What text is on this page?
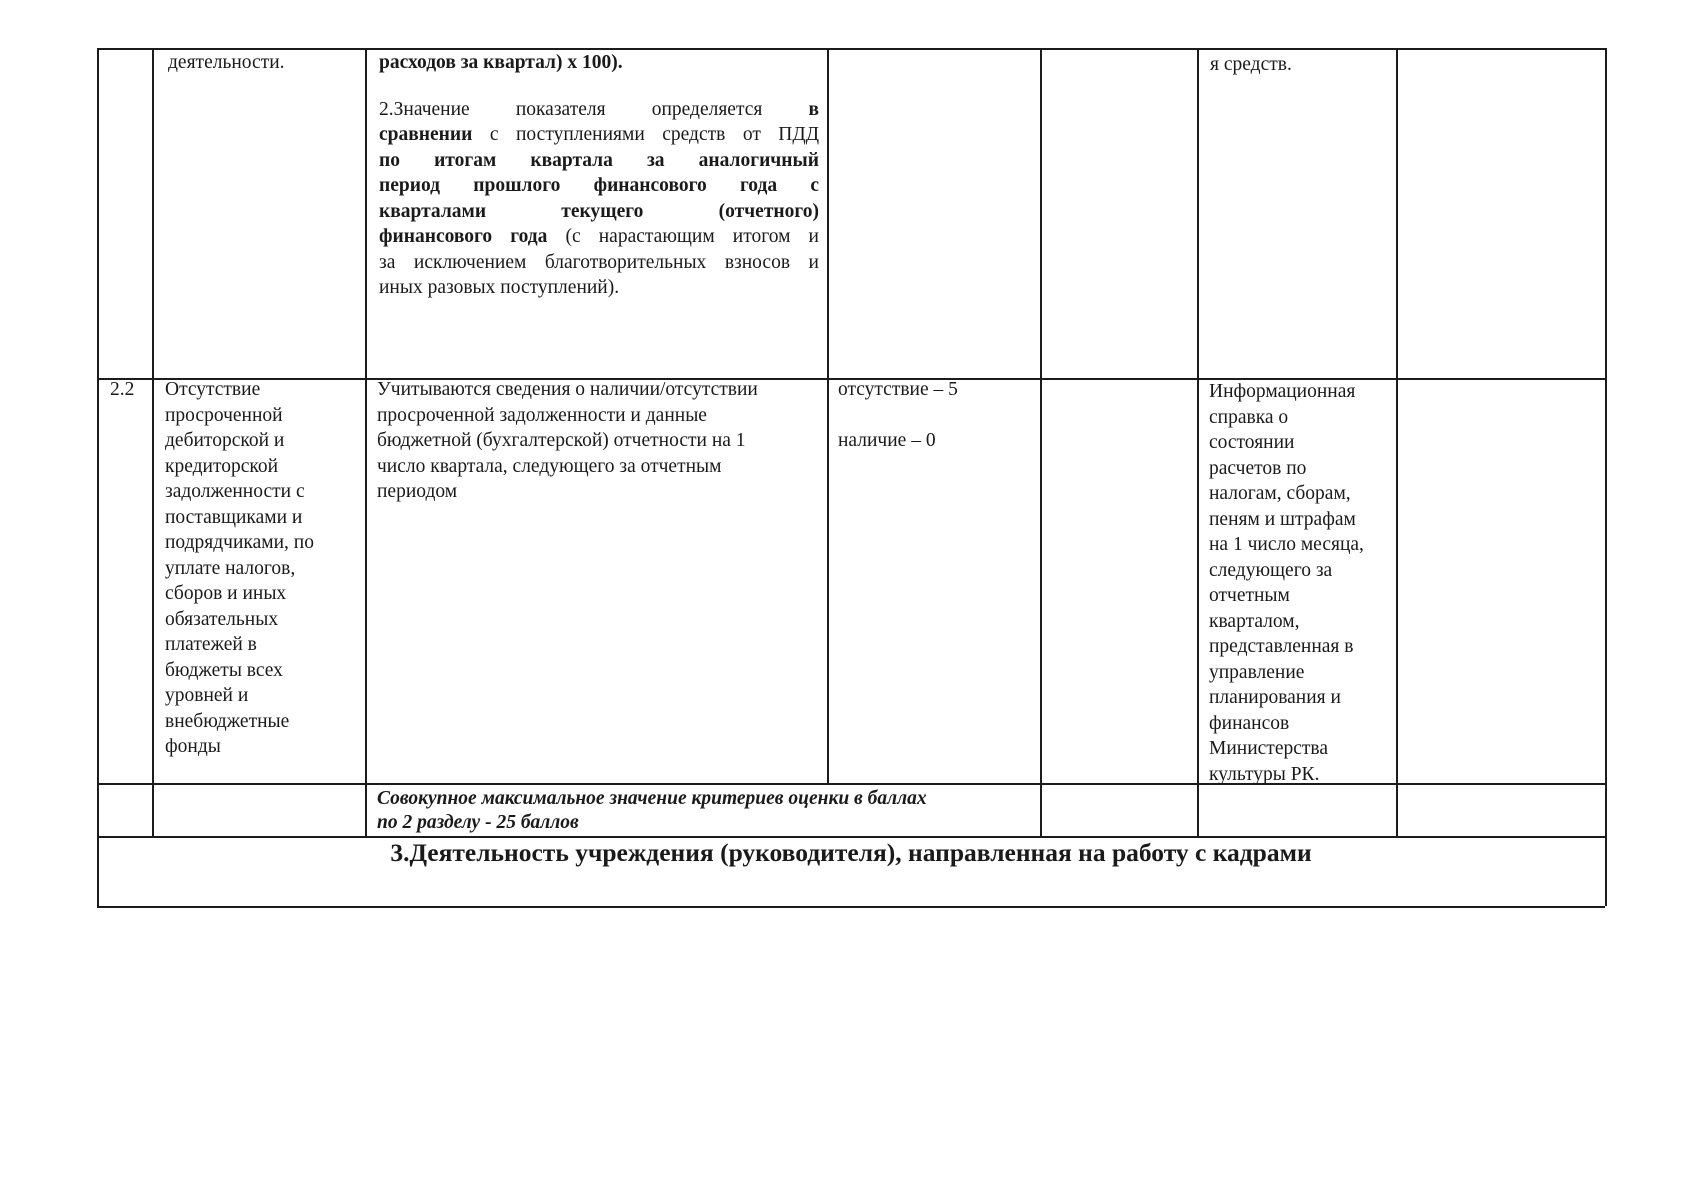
деятельности.	расходов за квартал) х 100).
2.Значение показателя определяется в
сравнении с поступлениями средств от ПДД
по итогам квартала за аналогичный
период прошлого финансового года с
кварталами текущего (отчетного)
финансового года (с нарастающим итогом и
за исключением благотворительных взносов и
иных разовых поступлений).
я средств.
2.2 Отсутствие
просроченной
дебиторской и
кредиторской
задолженности с
поставщиками и
подрядчиками, по
уплате налогов,
сборов и иных
обязательных
платежей в
бюджеты всех
уровней и
внебюджетные
фонды
Учитываются сведения о наличии/отсутствии
просроченной задолженности и данные
бюджетной (бухгалтерской) отчетности на 1
число квартала, следующего за отчетным
периодом
отсутствие – 5
наличие – 0
Информационная
справка о
состоянии
расчетов по
налогам, сборам,
пеням и штрафам
на 1 число месяца,
следующего за
отчетным
кварталом,
представленная в
управление
планирования и
финансов
Министерства
культуры РК.
Совокупное максимальное значение критериев оценки в баллах
по 2 разделу - 25 баллов
3.Деятельность учреждения (руководителя), направленная на работу с кадрами
